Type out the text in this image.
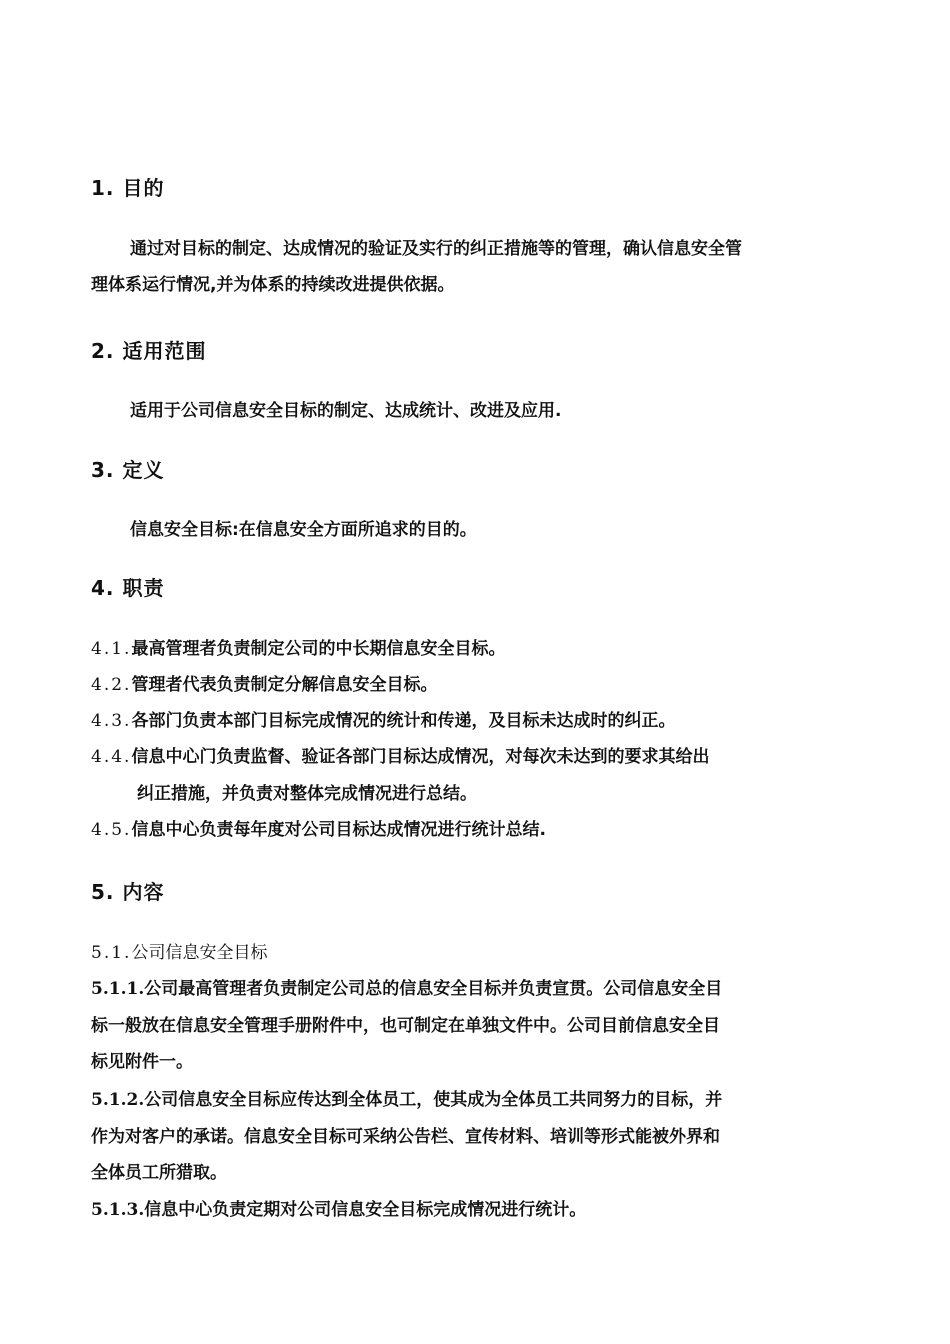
1. 目的
通过对目标的制定、达成情况的验证及实行的纠正措施等的管理，确认信息安全管
理体系运行情况,并为体系的持续改进提供依据。
2. 适用范围
适用于公司信息安全目标的制定、达成统计、改进及应用.
3. 定义
信息安全目标:在信息安全方面所追求的目的。
4. 职责
4.1.最高管理者负责制定公司的中长期信息安全目标。
4.2.管理者代表负责制定分解信息安全目标。
4.3.各部门负责本部门目标完成情况的统计和传递，及目标未达成时的纠正。
4.4.信息中心门负责监督、验证各部门目标达成情况，对每次未达到的要求其给出
纠正措施，并负责对整体完成情况进行总结。
4.5.信息中心负责每年度对公司目标达成情况进行统计总结.
5. 内容
5.1.公司信息安全目标
5.1.1.公司最高管理者负责制定公司总的信息安全目标并负责宣贯。公司信息安全目
标一般放在信息安全管理手册附件中，也可制定在单独文件中。公司目前信息安全目
标见附件一。
5.1.2.公司信息安全目标应传达到全体员工，使其成为全体员工共同努力的目标，并
作为对客户的承诺。信息安全目标可采纳公告栏、宣传材料、培训等形式能被外界和
全体员工所猎取。
5.1.3.信息中心负责定期对公司信息安全目标完成情况进行统计。
